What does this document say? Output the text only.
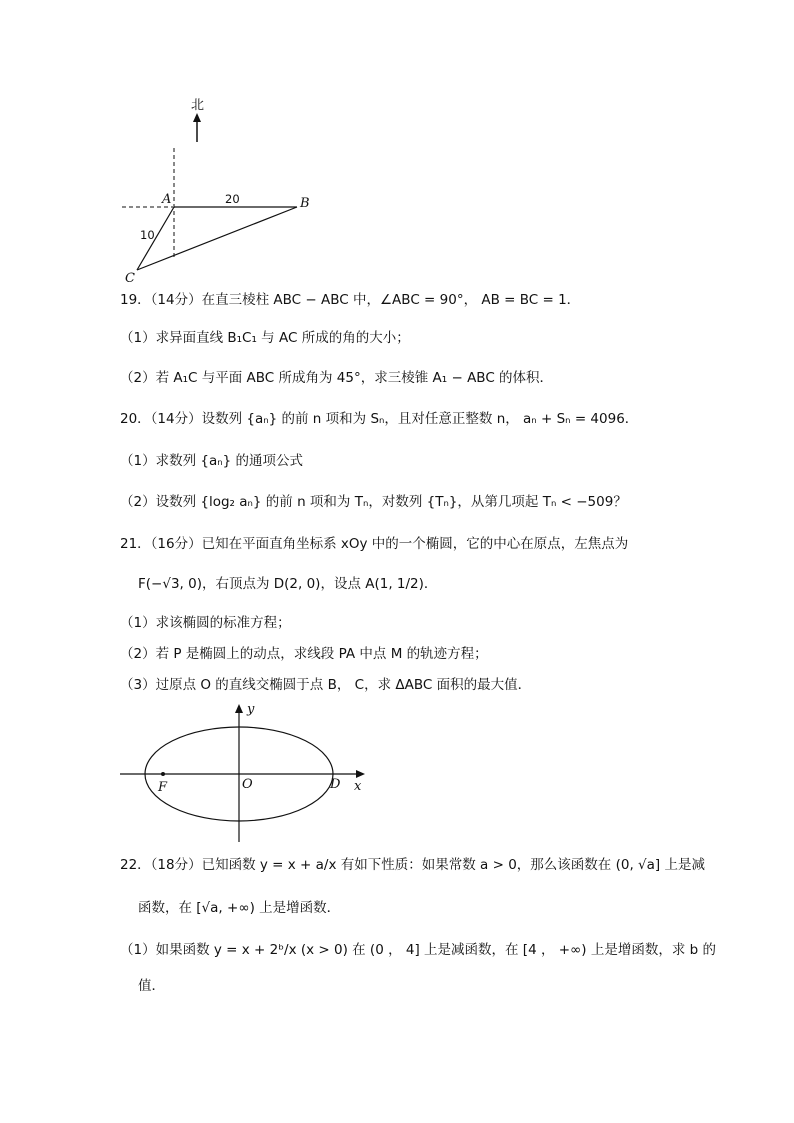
北
A	B
C
20
10
19．（14分）在直三棱柱 ABC − ABC 中，∠ABC = 90°， AB = BC = 1．
（1）求异面直线 B₁C₁ 与 AC 所成的角的大小；
（2）若 A₁C 与平面 ABC 所成角为 45°，求三棱锥 A₁ − ABC 的体积．
20．（14分）设数列 {aₙ} 的前 n 项和为 Sₙ，且对任意正整数 n， aₙ + Sₙ = 4096．
（1）求数列 {aₙ} 的通项公式
（2）设数列 {log₂ aₙ} 的前 n 项和为 Tₙ，对数列 {Tₙ}，从第几项起 Tₙ < −509？
21．（16分）已知在平面直角坐标系 xOy 中的一个椭圆，它的中心在原点，左焦点为
F(−√3, 0)，右顶点为 D(2, 0)，设点 A(1, 1/2)．
（1）求该椭圆的标准方程；
（2）若 P 是椭圆上的动点，求线段 PA 中点 M 的轨迹方程；
（3）过原点 O 的直线交椭圆于点 B， C，求 ΔABC 面积的最大值．
y
x
O
F	D
22．（18分）已知函数 y = x + a/x 有如下性质：如果常数 a > 0，那么该函数在 (0, √a] 上是减
函数，在 [√a, +∞) 上是增函数．
（1）如果函数 y = x + 2ᵇ/x (x > 0) 在 (0 ， 4] 上是减函数，在 [4 ， +∞) 上是增函数，求 b 的
值．
